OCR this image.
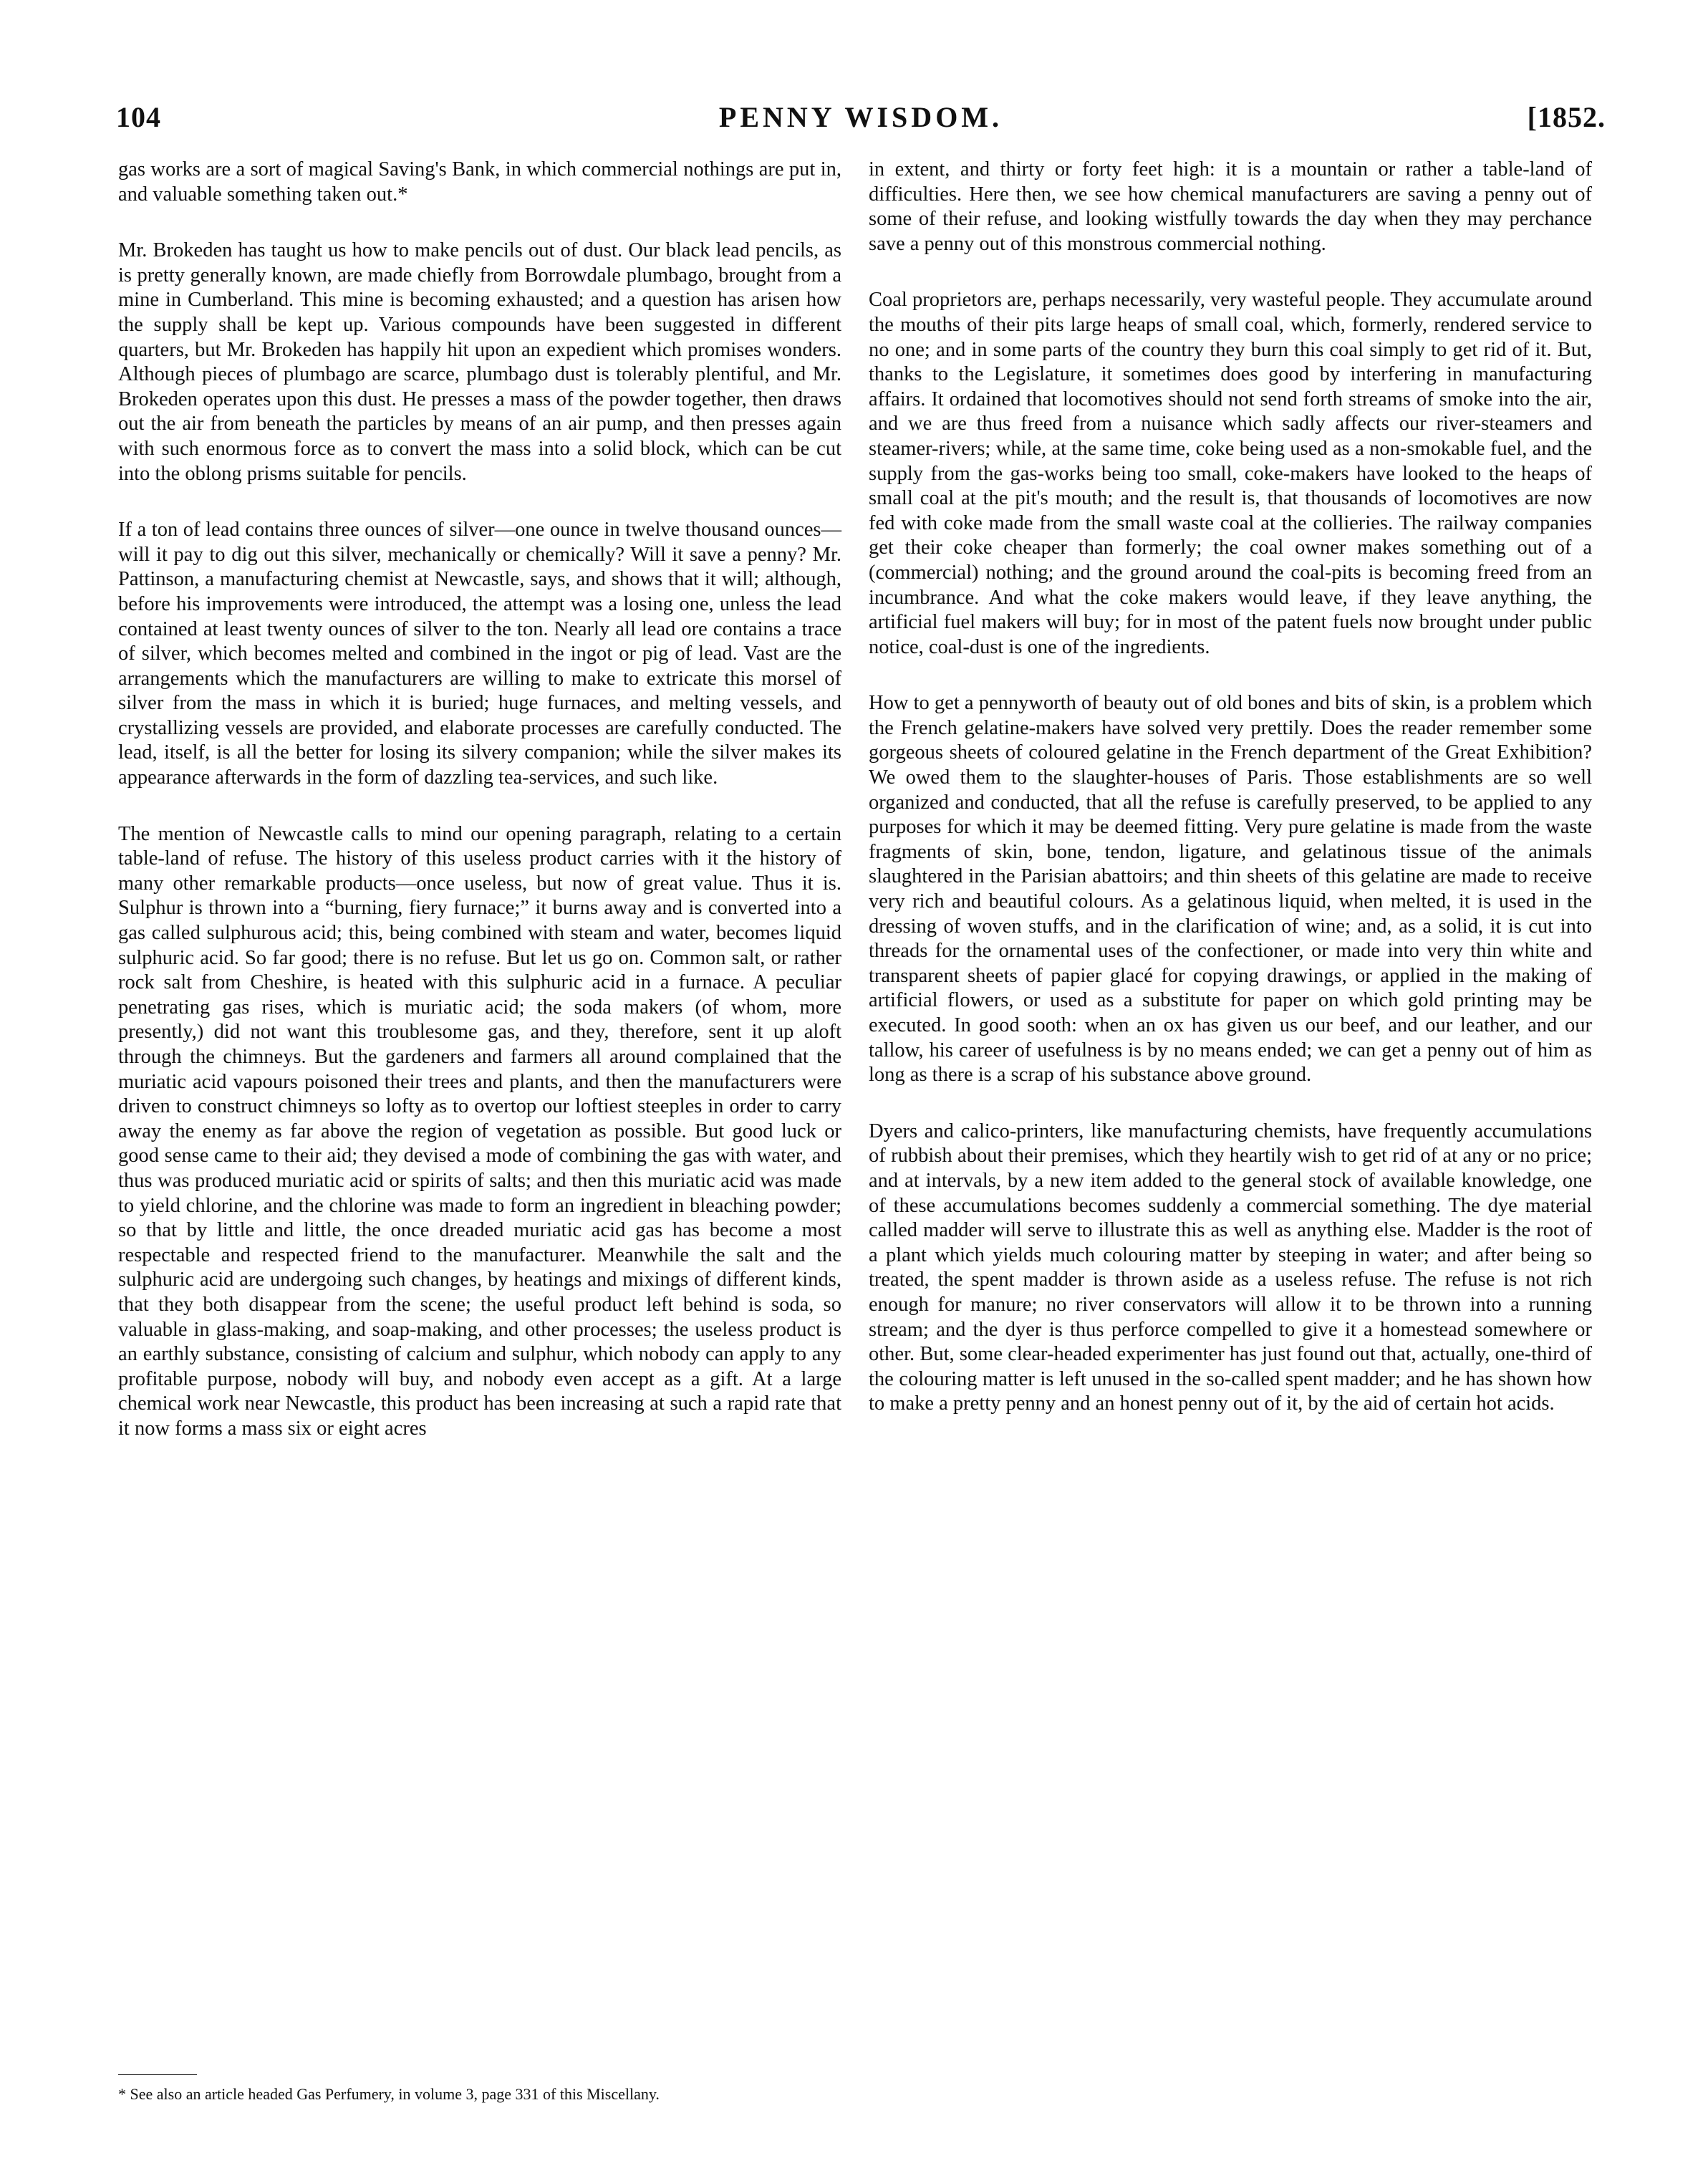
104	PENNY WISDOM.	[1852.

gas works are a sort of magical Saving's Bank, in which commercial nothings are put in, and valuable something taken out.*

Mr. Brokeden has taught us how to make pencils out of dust. Our black lead pencils, as is pretty generally known, are made chiefly from Borrowdale plumbago, brought from a mine in Cumberland. This mine is becoming exhausted; and a question has arisen how the supply shall be kept up. Various compounds have been suggested in different quarters, but Mr. Brokeden has happily hit upon an expedient which promises wonders. Although pieces of plumbago are scarce, plumbago dust is tolerably plentiful, and Mr. Brokeden operates upon this dust. He presses a mass of the powder together, then draws out the air from beneath the particles by means of an air pump, and then presses again with such enormous force as to convert the mass into a solid block, which can be cut into the oblong prisms suitable for pencils.

If a ton of lead contains three ounces of silver—one ounce in twelve thousand ounces—will it pay to dig out this silver, mechanically or chemically? Will it save a penny? Mr. Pattinson, a manufacturing chemist at Newcastle, says, and shows that it will; although, before his improvements were introduced, the attempt was a losing one, unless the lead contained at least twenty ounces of silver to the ton. Nearly all lead ore contains a trace of silver, which becomes melted and combined in the ingot or pig of lead. Vast are the arrangements which the manufacturers are willing to make to extricate this morsel of silver from the mass in which it is buried; huge furnaces, and melting vessels, and crystallizing vessels are provided, and elaborate processes are carefully conducted. The lead, itself, is all the better for losing its silvery companion; while the silver makes its appearance afterwards in the form of dazzling tea-services, and such like.

The mention of Newcastle calls to mind our opening paragraph, relating to a certain table-land of refuse. The history of this useless product carries with it the history of many other remarkable products—once useless, but now of great value. Thus it is. Sulphur is thrown into a “burning, fiery furnace;” it burns away and is converted into a gas called sulphurous acid; this, being combined with steam and water, becomes liquid sulphuric acid. So far good; there is no refuse. But let us go on. Common salt, or rather rock salt from Cheshire, is heated with this sulphuric acid in a furnace. A peculiar penetrating gas rises, which is muriatic acid; the soda makers (of whom, more presently,) did not want this troublesome gas, and they, therefore, sent it up aloft through the chimneys. But the gardeners and farmers all around complained that the muriatic acid vapours poisoned their trees and plants, and then the manufacturers were driven to construct chimneys so lofty as to overtop our loftiest steeples in order to carry away the enemy as far above the region of vegetation as possible. But good luck or good sense came to their aid; they devised a mode of combining the gas with water, and thus was produced muriatic acid or spirits of salts; and then this muriatic acid was made to yield chlorine, and the chlorine was made to form an ingredient in bleaching powder; so that by little and little, the once dreaded muriatic acid gas has become a most respectable and respected friend to the manufacturer. Meanwhile the salt and the sulphuric acid are undergoing such changes, by heatings and mixings of different kinds, that they both disappear from the scene; the useful product left behind is soda, so valuable in glass-making, and soap-making, and other processes; the useless product is an earthly substance, consisting of calcium and sulphur, which nobody can apply to any profitable purpose, nobody will buy, and nobody even accept as a gift. At a large chemical work near Newcastle, this product has been increasing at such a rapid rate that it now forms a mass six or eight acres

* See also an article headed Gas Perfumery, in volume 3, page 331 of this Miscellany.

in extent, and thirty or forty feet high: it is a mountain or rather a table-land of difficulties. Here then, we see how chemical manufacturers are saving a penny out of some of their refuse, and looking wistfully towards the day when they may perchance save a penny out of this monstrous commercial nothing.

Coal proprietors are, perhaps necessarily, very wasteful people. They accumulate around the mouths of their pits large heaps of small coal, which, formerly, rendered service to no one; and in some parts of the country they burn this coal simply to get rid of it. But, thanks to the Legislature, it sometimes does good by interfering in manufacturing affairs. It ordained that locomotives should not send forth streams of smoke into the air, and we are thus freed from a nuisance which sadly affects our river-steamers and steamer-rivers; while, at the same time, coke being used as a non-smokable fuel, and the supply from the gas-works being too small, coke-makers have looked to the heaps of small coal at the pit's mouth; and the result is, that thousands of locomotives are now fed with coke made from the small waste coal at the collieries. The railway companies get their coke cheaper than formerly; the coal owner makes something out of a (commercial) nothing; and the ground around the coal-pits is becoming freed from an incumbrance. And what the coke makers would leave, if they leave anything, the artificial fuel makers will buy; for in most of the patent fuels now brought under public notice, coal-dust is one of the ingredients.

How to get a pennyworth of beauty out of old bones and bits of skin, is a problem which the French gelatine-makers have solved very prettily. Does the reader remember some gorgeous sheets of coloured gelatine in the French department of the Great Exhibition? We owed them to the slaughter-houses of Paris. Those establishments are so well organized and conducted, that all the refuse is carefully preserved, to be applied to any purposes for which it may be deemed fitting. Very pure gelatine is made from the waste fragments of skin, bone, tendon, ligature, and gelatinous tissue of the animals slaughtered in the Parisian abattoirs; and thin sheets of this gelatine are made to receive very rich and beautiful colours. As a gelatinous liquid, when melted, it is used in the dressing of woven stuffs, and in the clarification of wine; and, as a solid, it is cut into threads for the ornamental uses of the confectioner, or made into very thin white and transparent sheets of papier glacé for copying drawings, or applied in the making of artificial flowers, or used as a substitute for paper on which gold printing may be executed. In good sooth: when an ox has given us our beef, and our leather, and our tallow, his career of usefulness is by no means ended; we can get a penny out of him as long as there is a scrap of his substance above ground.

Dyers and calico-printers, like manufacturing chemists, have frequently accumulations of rubbish about their premises, which they heartily wish to get rid of at any or no price; and at intervals, by a new item added to the general stock of available knowledge, one of these accumulations becomes suddenly a commercial something. The dye material called madder will serve to illustrate this as well as anything else. Madder is the root of a plant which yields much colouring matter by steeping in water; and after being so treated, the spent madder is thrown aside as a useless refuse. The refuse is not rich enough for manure; no river conservators will allow it to be thrown into a running stream; and the dyer is thus perforce compelled to give it a homestead somewhere or other. But, some clear-headed experimenter has just found out that, actually, one-third of the colouring matter is left unused in the so-called spent madder; and he has shown how to make a pretty penny and an honest penny out of it, by the aid of certain hot acids.
